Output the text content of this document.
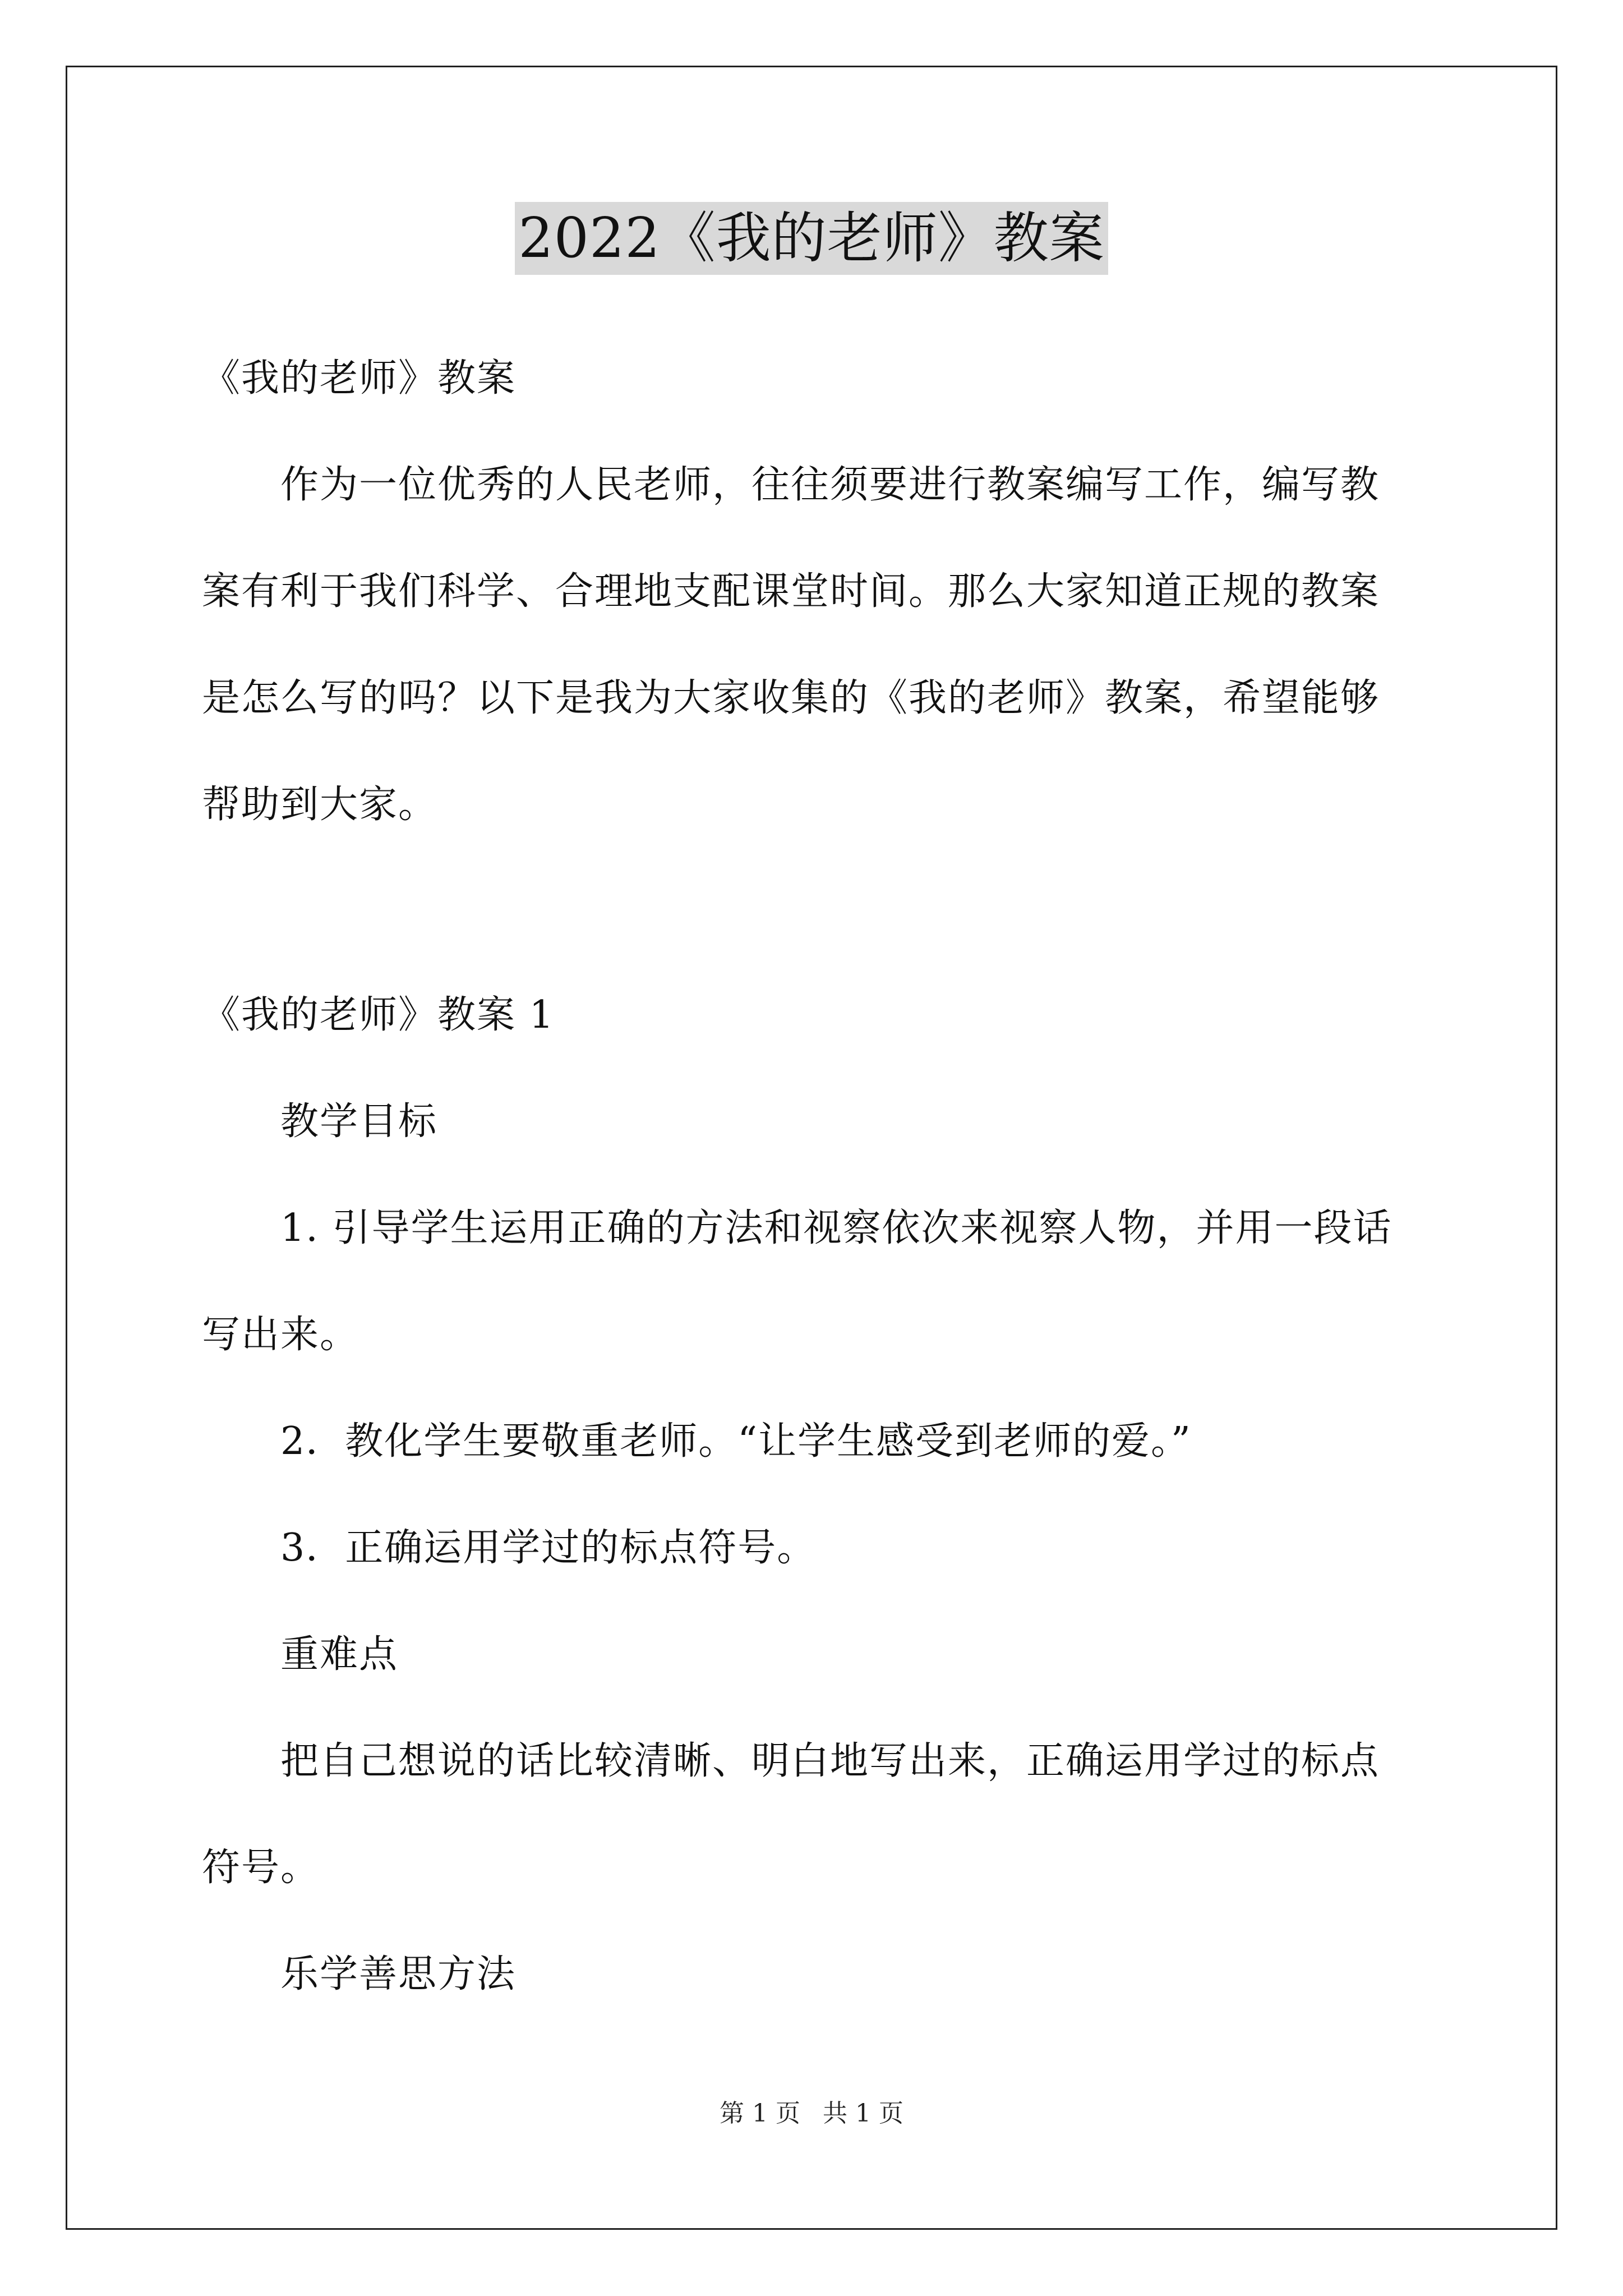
2022《我的老师》教案
《我的老师》教案
作为一位优秀的人民老师，往往须要进行教案编写工作，编写教
案有利于我们科学、合理地支配课堂时间。那么大家知道正规的教案
是怎么写的吗？以下是我为大家收集的《我的老师》教案，希望能够
帮助到大家。
《我的老师》教案 1
教学目标
1. 引导学生运用正确的方法和视察依次来视察人物，并用一段话
写出来。
2．教化学生要敬重老师。“让学生感受到老师的爱。”
3．正确运用学过的标点符号。
重难点
把自己想说的话比较清晰、明白地写出来，正确运用学过的标点
符号。
乐学善思方法
第 1 页 共 1 页
